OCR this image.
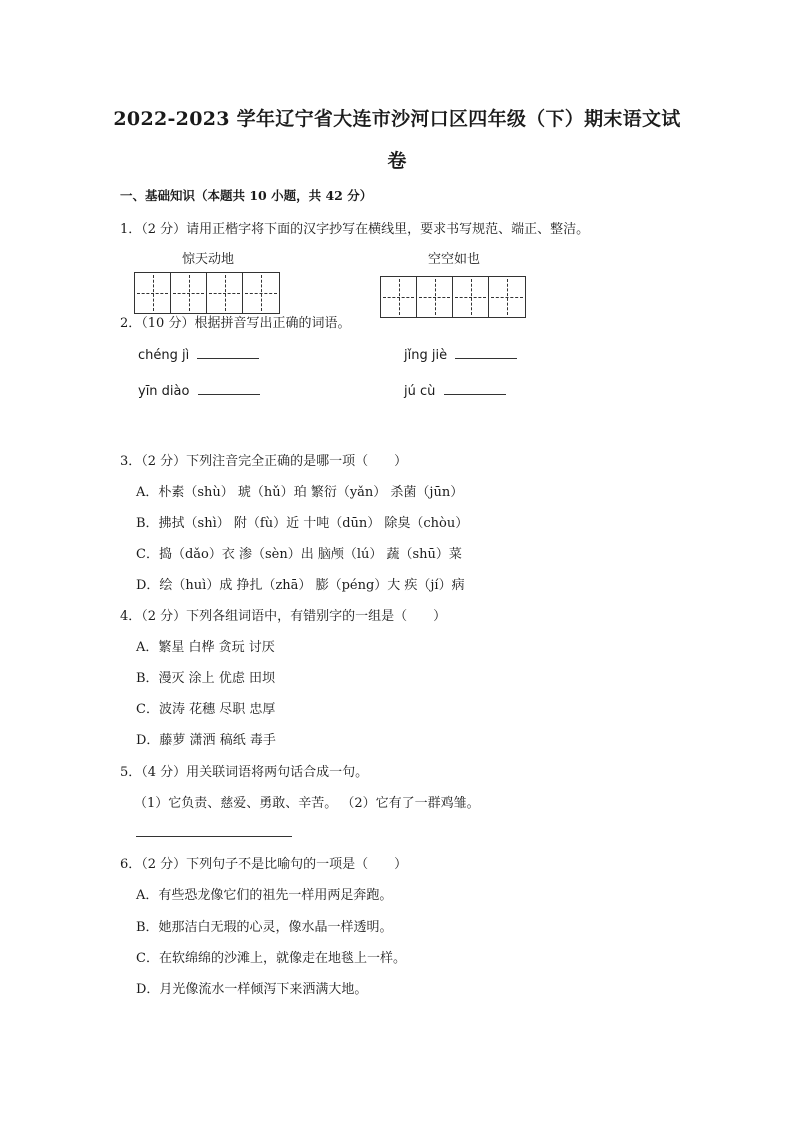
2022-2023 学年辽宁省大连市沙河口区四年级（下）期末语文试
卷
一、基础知识（本题共 10 小题，共 42 分）
1．（2 分）请用正楷字将下面的汉字抄写在横线里，要求书写规范、端正、整洁。
惊天动地	空空如也
2．（10 分）根据拼音写出正确的词语。
chéng jì	jǐng jiè
yīn diào	jú cù
3．（2 分）下列注音完全正确的是哪一项（　　）
A．朴素（shù） 琥（hǔ）珀 繁衍（yǎn） 杀菌（jūn）
B．拂拭（shì） 附（fù）近 十吨（dūn） 除臭（chòu）
C．捣（dǎo）衣 渗（sèn）出 脑颅（lú） 蔬（shū）菜
D．绘（huì）成 挣扎（zhā） 膨（péng）大 疾（jí）病
4．（2 分）下列各组词语中，有错别字的一组是（　　）
A．繁星 白桦 贪玩 讨厌
B．漫灭 涂上 优虑 田坝
C．波涛 花穗 尽职 忠厚
D．藤萝 潇洒 稿纸 毒手
5．（4 分）用关联词语将两句话合成一句。
（1）它负责、慈爱、勇敢、辛苦。 （2）它有了一群鸡雏。
6．（2 分）下列句子不是比喻句的一项是（　　）
A．有些恐龙像它们的祖先一样用两足奔跑。
B．她那洁白无瑕的心灵，像水晶一样透明。
C．在软绵绵的沙滩上，就像走在地毯上一样。
D．月光像流水一样倾泻下来洒满大地。
